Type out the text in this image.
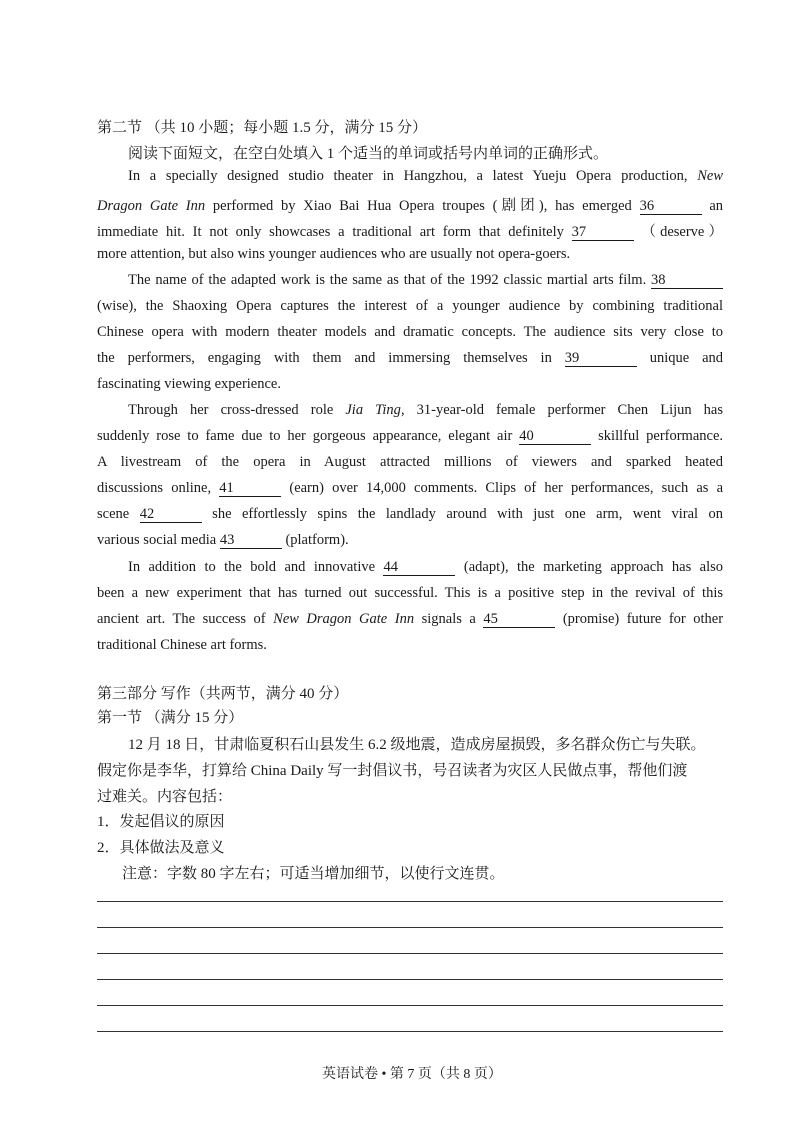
第二节 （共 10 小题；每小题 1.5 分，满分 15 分）
阅读下面短文，在空白处填入 1 个适当的单词或括号内单词的正确形式。
In a specially designed studio theater in Hangzhou, a latest Yueju Opera production, New
Dragon Gate Inn performed by Xiao Bai Hua Opera troupes (剧团), has emerged 36	an
immediate hit. It not only showcases a traditional art form that definitely 37	（deserve）
more attention, but also wins younger audiences who are usually not opera-goers.
The name of the adapted work is the same as that of the 1992 classic martial arts film. 38
(wise), the Shaoxing Opera captures the interest of a younger audience by combining traditional
Chinese opera with modern theater models and dramatic concepts. The audience sits very close to
the performers, engaging with them and immersing themselves in 39	unique and
fascinating viewing experience.
Through her cross-dressed role Jia Ting, 31-year-old female performer Chen Lijun has
suddenly rose to fame due to her gorgeous appearance, elegant air 40	skillful performance.
A livestream of the opera in August attracted millions of viewers and sparked heated
discussions online, 41	(earn) over 14,000 comments. Clips of her performances, such as a
scene 42	she effortlessly spins the landlady around with just one arm, went viral on
various social media 43	(platform).
In addition to the bold and innovative 44	(adapt), the marketing approach has also
been a new experiment that has turned out successful. This is a positive step in the revival of this
ancient art. The success of New Dragon Gate Inn signals a 45	(promise) future for other
traditional Chinese art forms.
第三部分 写作（共两节，满分 40 分）
第一节 （满分 15 分）
12 月 18 日，甘肃临夏积石山县发生 6.2 级地震，造成房屋损毁，多名群众伤亡与失联。
假定你是李华，打算给 China Daily 写一封倡议书，号召读者为灾区人民做点事，帮他们渡
过难关。内容包括：
1．发起倡议的原因
2．具体做法及意义
注意：字数 80 字左右；可适当增加细节，以使行文连贯。
英语试卷 • 第 7 页（共 8 页）
